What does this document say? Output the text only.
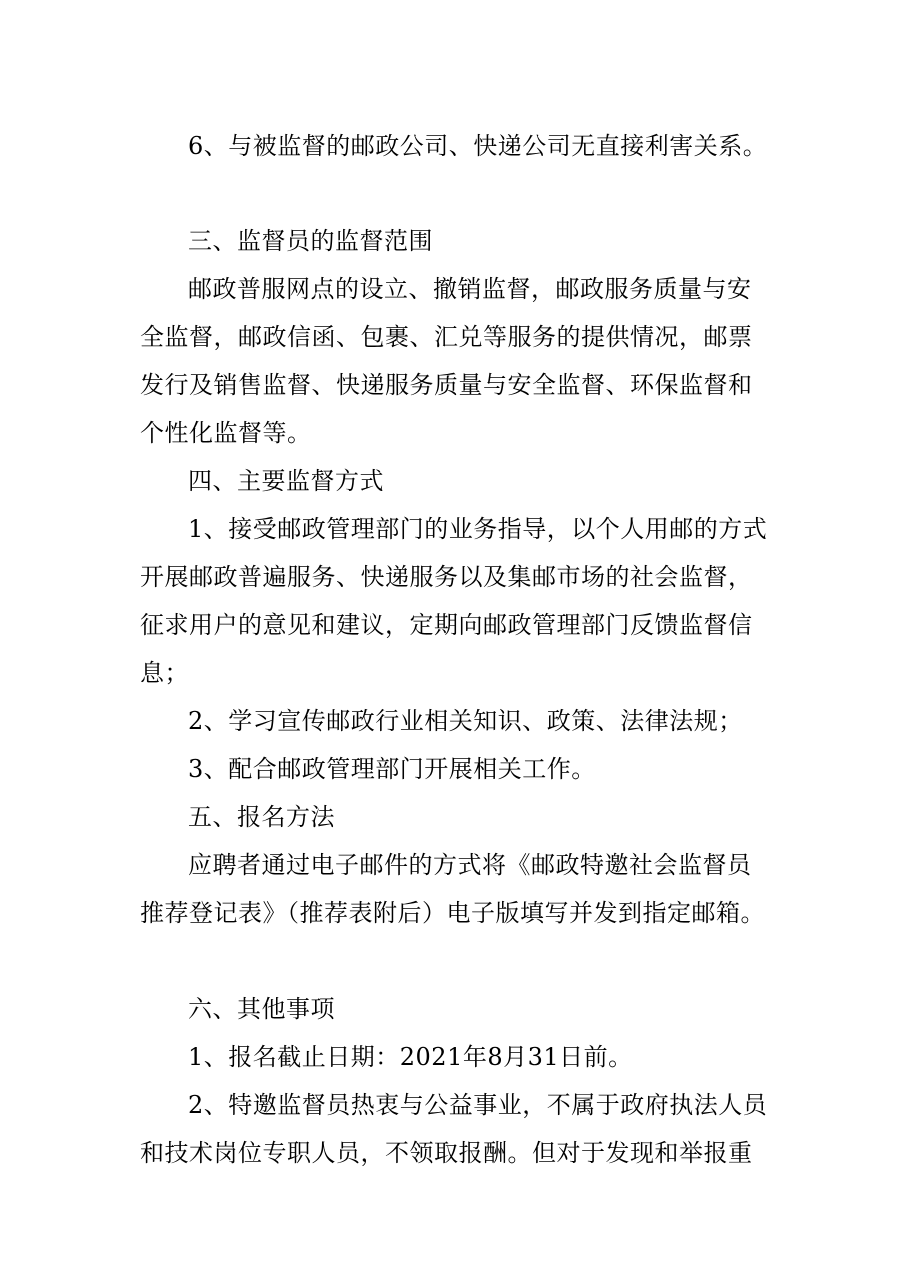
6、与被监督的邮政公司、快递公司无直接利害关系。
三、监督员的监督范围
邮政普服网点的设立、撤销监督，邮政服务质量与安
全监督，邮政信函、包裹、汇兑等服务的提供情况，邮票
发行及销售监督、快递服务质量与安全监督、环保监督和
个性化监督等。
四、主要监督方式
1、接受邮政管理部门的业务指导，以个人用邮的方式
开展邮政普遍服务、快递服务以及集邮市场的社会监督，
征求用户的意见和建议，定期向邮政管理部门反馈监督信
息；
2、学习宣传邮政行业相关知识、政策、法律法规；
3、配合邮政管理部门开展相关工作。
五、报名方法
应聘者通过电子邮件的方式将《邮政特邀社会监督员
推荐登记表》（推荐表附后）电子版填写并发到指定邮箱。
六、其他事项
1、报名截止日期：2021年8月31日前。
2、特邀监督员热衷与公益事业，不属于政府执法人员
和技术岗位专职人员，不领取报酬。但对于发现和举报重
